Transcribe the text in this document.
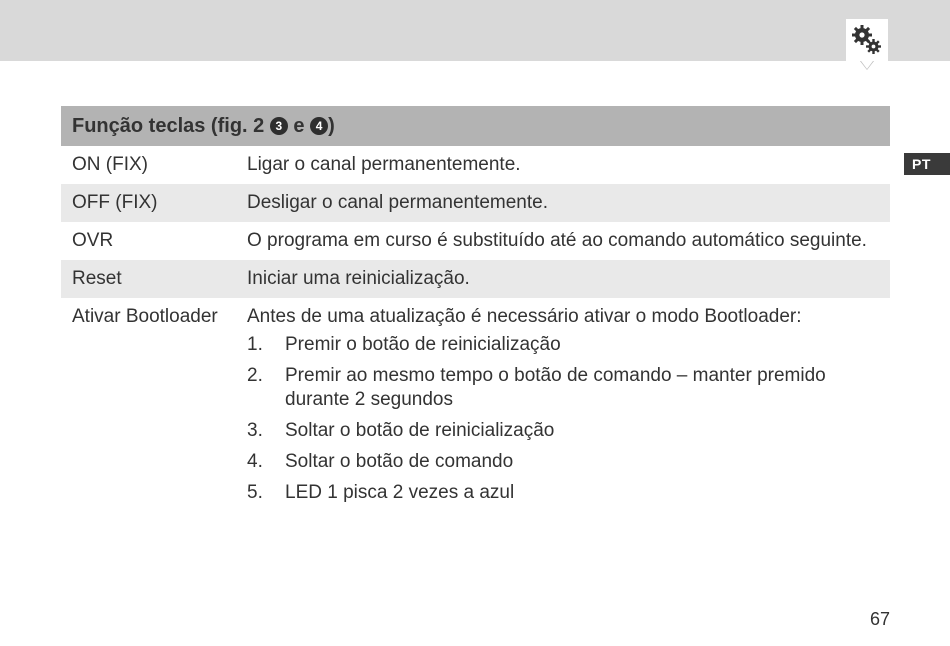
PT
Função teclas (fig. 2 3 e 4 )
ON (FIX)	Ligar o canal permanentemente.
OFF (FIX)	Desligar o canal permanentemente.
OVR	O programa em curso é substituído até ao comando automático seguinte.
Reset	Iniciar uma reinicialização.
Ativar Bootloader	Antes de uma atualização é necessário ativar o modo Bootloader:
1.	Premir o botão de reinicialização
2.	Premir ao mesmo tempo o botão de comando – manter premido durante 2 segundos
3.	Soltar o botão de reinicialização
4.	Soltar o botão de comando
5.	LED 1 pisca 2 vezes a azul
67
